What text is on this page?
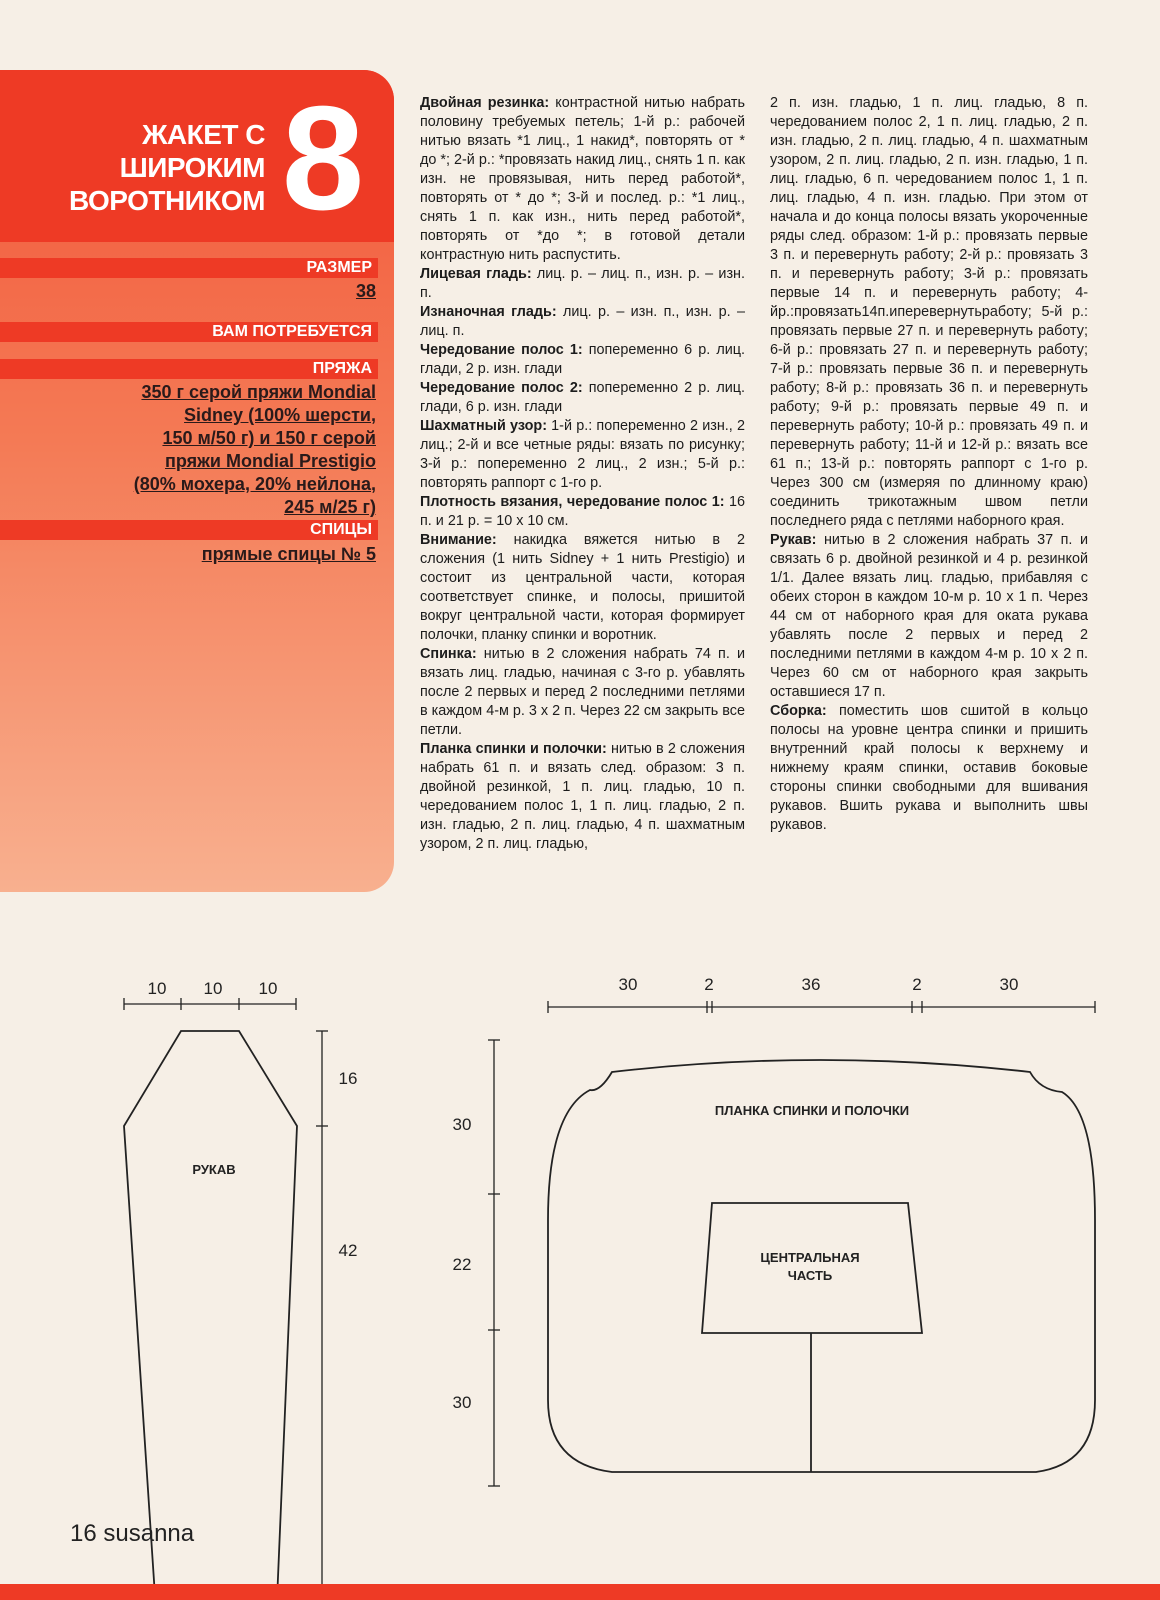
ЖАКЕТ С
ШИРОКИМ
ВОРОТНИКОМ 8
РАЗМЕР
38
ВАМ ПОТРЕБУЕТСЯ
ПРЯЖА
350 г серой пряжи Mondial
Sidney (100% шерсти,
150 м/50 г) и 150 г серой
пряжи Mondial Prestigio
(80% мохера, 20% нейлона,
245 м/25 г)
СПИЦЫ
прямые спицы № 5

Двойная резинка: контрастной нитью набрать половину требуемых петель; 1-й р.: рабочей нитью вязать *1 лиц., 1 накид*, повторять от * до *; 2-й р.: *провязать накид лиц., снять 1 п. как изн. не провязывая, нить перед работой*, повторять от * до *; 3-й и послед. р.: *1 лиц., снять 1 п. как изн., нить перед работой*, повторять от *до *; в готовой детали контрастную нить распустить.

Лицевая гладь: лиц. р. – лиц. п., изн. р. – изн. п.

Изнаночная гладь: лиц. р. – изн. п., изн. р. – лиц. п.

Чередование полос 1: попеременно 6 р. лиц. глади, 2 р. изн. глади

Чередование полос 2: попеременно 2 р. лиц. глади, 6 р. изн. глади

Шахматный узор: 1-й р.: попеременно 2 изн., 2 лиц.; 2-й и все четные ряды: вязать по рисунку; 3-й р.: попеременно 2 лиц., 2 изн.; 5-й р.: повторять раппорт с 1-го р.

Плотность вязания, чередование полос 1: 16 п. и 21 р. = 10 х 10 см.

Внимание: накидка вяжется нитью в 2 сложения (1 нить Sidney + 1 нить Prestigio) и состоит из центральной части, которая соответствует спинке, и полосы, пришитой вокруг центральной части, которая формирует полочки, планку спинки и воротник.

Спинка: нитью в 2 сложения набрать 74 п. и вязать лиц. гладью, начиная с 3-го р. убавлять после 2 первых и перед 2 последними петлями в каждом 4-м р. 3 х 2 п. Через 22 см закрыть все петли.

Планка спинки и полочки: нитью в 2 сложения набрать 61 п. и вязать след. образом: 3 п. двойной резинкой, 1 п. лиц. гладью, 10 п. чередованием полос 1, 1 п. лиц. гладью, 2 п. изн. гладью, 2 п. лиц. гладью, 4 п. шахматным узором, 2 п. лиц. гладью,

2 п. изн. гладью, 1 п. лиц. гладью, 8 п. чередованием полос 2, 1 п. лиц. гладью, 2 п. изн. гладью, 2 п. лиц. гладью, 4 п. шахматным узором, 2 п. лиц. гладью, 2 п. изн. гладью, 1 п. лиц. гладью, 6 п. чередованием полос 1, 1 п. лиц. гладью, 4 п. изн. гладью. При этом от начала и до конца полосы вязать укороченные ряды след. образом: 1-й р.: провязать первые 3 п. и перевернуть работу; 2-й р.: провязать 3 п. и перевернуть работу; 3-й р.: провязать первые 14 п. и перевернуть работу; 4-йр.:провязать14п.иперевернутьработу; 5-й р.: провязать первые 27 п. и перевернуть работу; 6-й р.: провязать 27 п. и перевернуть работу; 7-й р.: провязать первые 36 п. и перевернуть работу; 8-й р.: провязать 36 п. и перевернуть работу; 9-й р.: провязать первые 49 п. и перевернуть работу; 10-й р.: провязать 49 п. и перевернуть работу; 11-й и 12-й р.: вязать все 61 п.; 13-й р.: повторять раппорт с 1-го р. Через 300 см (измеряя по длинному краю) соединить трикотажным швом петли последнего ряда с петлями наборного края.

Рукав: нитью в 2 сложения набрать 37 п. и связать 6 р. двойной резинкой и 4 р. резинкой 1/1. Далее вязать лиц. гладью, прибавляя с обеих сторон в каждом 10-м р. 10 х 1 п. Через 44 см от наборного края для оката рукава убавлять после 2 первых и перед 2 последними петлями в каждом 4-м р. 10 х 2 п. Через 60 см от наборного края закрыть оставшиеся 17 п.

Сборка: поместить шов сшитой в кольцо полосы на уровне центра спинки и пришить внутренний край полосы к верхнему и нижнему краям спинки, оставив боковые стороны спинки свободными для вшивания рукавов. Вшить рукава и выполнить швы рукавов.

10 10 10
16
42
РУКАВ
30	2	36	2	30
30
22
30
ПЛАНКА СПИНКИ И ПОЛОЧКИ
ЦЕНТРАЛЬНАЯ
ЧАСТЬ
16 susanna
